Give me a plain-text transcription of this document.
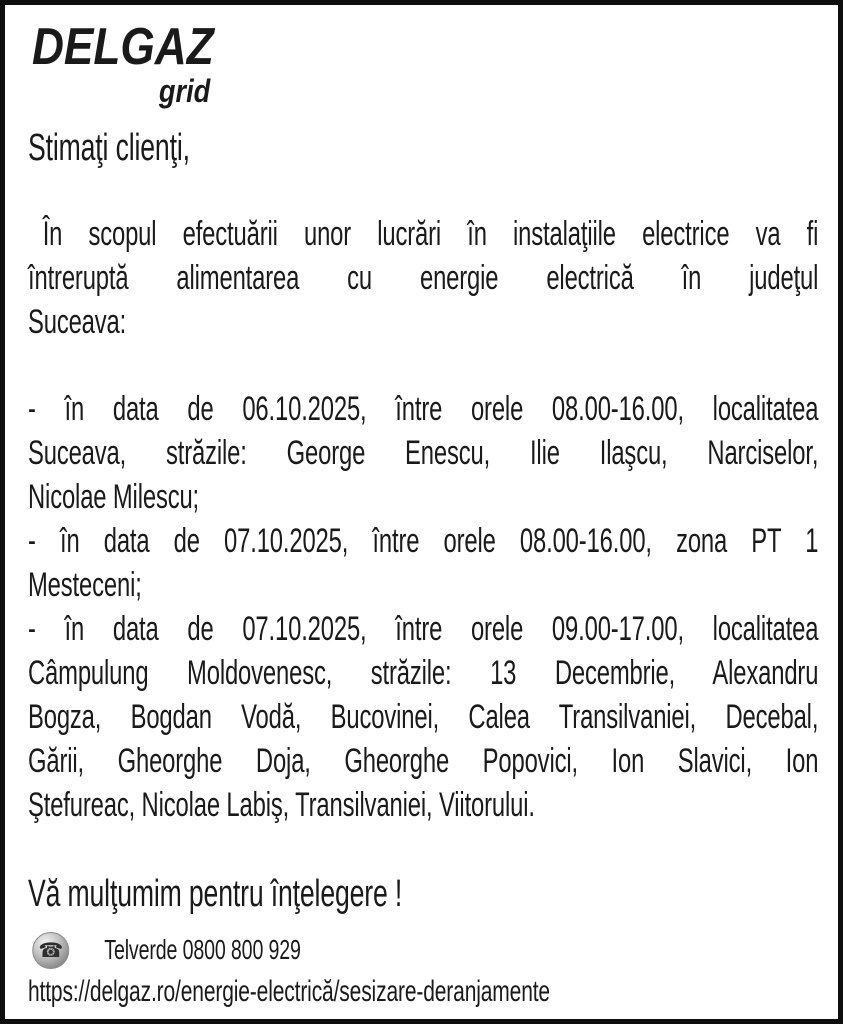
DELGAZ
grid
Stimaţi clienţi,
În scopul efectuării unor lucrări în instalaţiile electrice va fi
întreruptă alimentarea cu energie electrică în judeţul
Suceava:
- în data de 06.10.2025, între orele 08.00-16.00, localitatea
Suceava, străzile: George Enescu, Ilie Ilaşcu, Narciselor,
Nicolae Milescu;
- în data de 07.10.2025, între orele 08.00-16.00, zona PT 1
Mesteceni;
- în data de 07.10.2025, între orele 09.00-17.00, localitatea
Câmpulung Moldovenesc, străzile: 13 Decembrie, Alexandru
Bogza, Bogdan Vodă, Bucovinei, Calea Transilvaniei, Decebal,
Gării, Gheorghe Doja, Gheorghe Popovici, Ion Slavici, Ion
Ştefureac, Nicolae Labiş, Transilvaniei, Viitorului.
Vă mulţumim pentru înţelegere !
☎ Telverde 0800 800 929
https://delgaz.ro/energie-electrică/sesizare-deranjamente
